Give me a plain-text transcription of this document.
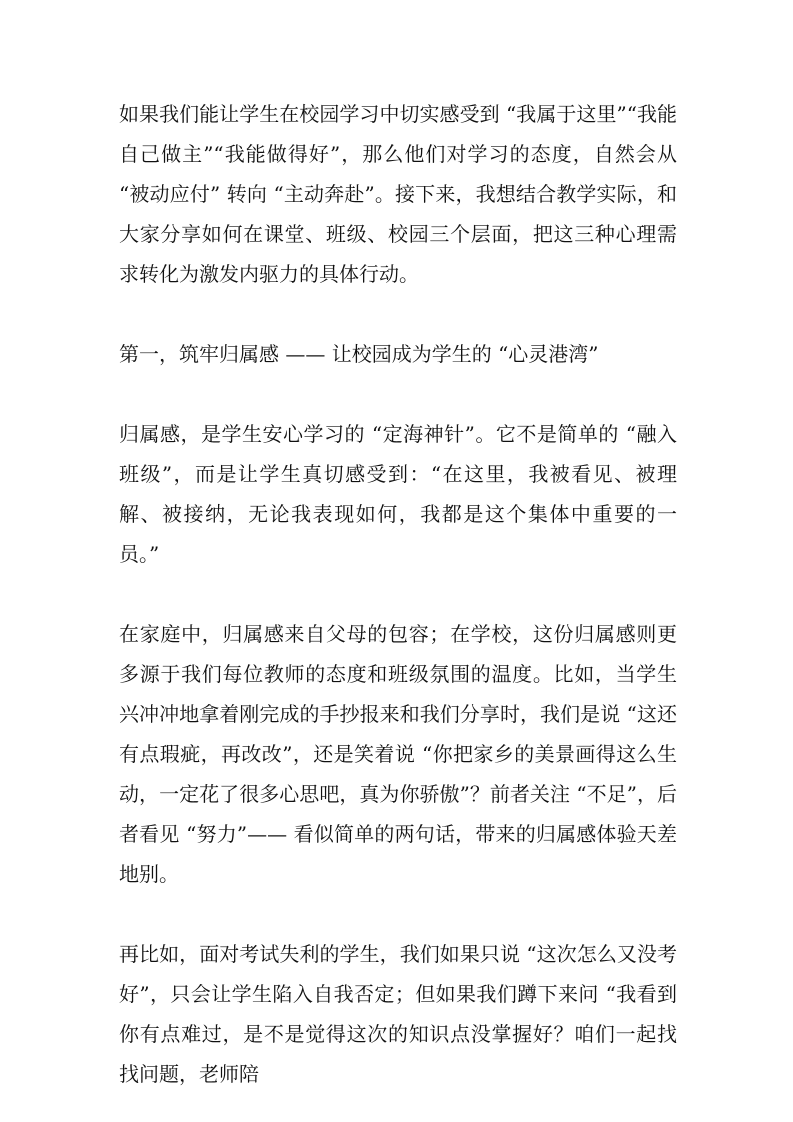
如果我们能让学生在校园学习中切实感受到 “我属于这里”“我能自己做主”“我能做得好”，那么他们对学习的态度，自然会从 “被动应付” 转向 “主动奔赴”。接下来，我想结合教学实际，和大家分享如何在课堂、班级、校园三个层面，把这三种心理需求转化为激发内驱力的具体行动。

第一，筑牢归属感 —— 让校园成为学生的 “心灵港湾”

归属感，是学生安心学习的 “定海神针”。它不是简单的 “融入班级”，而是让学生真切感受到：“在这里，我被看见、被理解、被接纳，无论我表现如何，我都是这个集体中重要的一员。”

在家庭中，归属感来自父母的包容；在学校，这份归属感则更多源于我们每位教师的态度和班级氛围的温度。比如，当学生兴冲冲地拿着刚完成的手抄报来和我们分享时，我们是说 “这还有点瑕疵，再改改”，还是笑着说 “你把家乡的美景画得这么生动，一定花了很多心思吧，真为你骄傲”？前者关注 “不足”，后者看见 “努力”—— 看似简单的两句话，带来的归属感体验天差地别。

再比如，面对考试失利的学生，我们如果只说 “这次怎么又没考好”，只会让学生陷入自我否定；但如果我们蹲下来问 “我看到你有点难过，是不是觉得这次的知识点没掌握好？咱们一起找找问题，老师陪
